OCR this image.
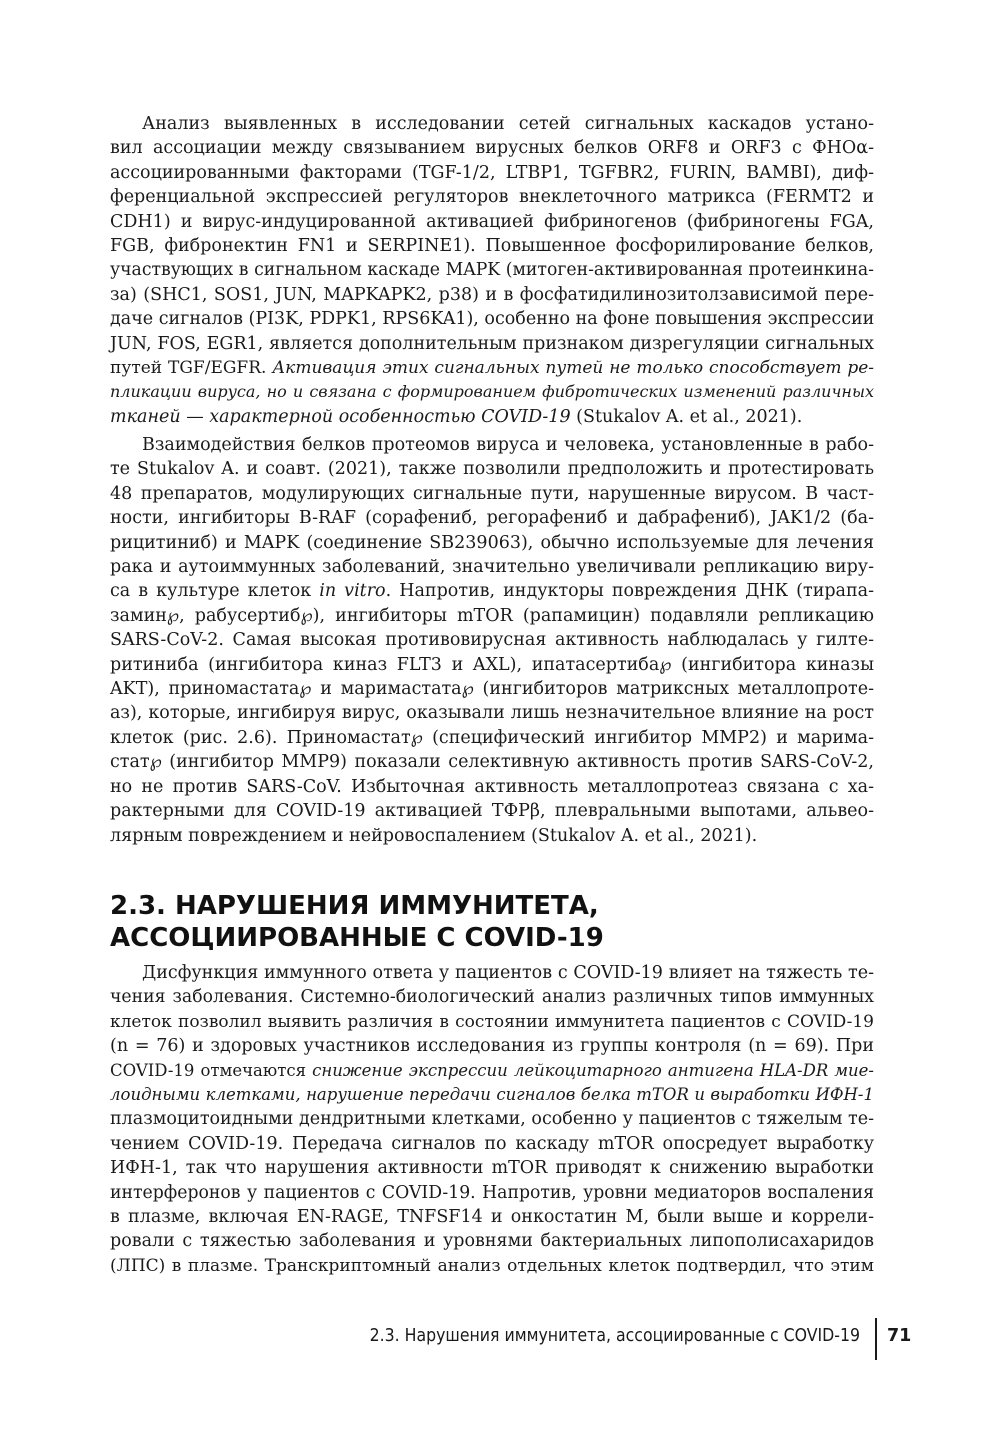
Анализ выявленных в исследовании сетей сигнальных каскадов устано-
вил ассоциации между связыванием вирусных белков ORF8 и ORF3 с ФНОα-
ассоциированными факторами (TGF-1/2, LTBP1, TGFBR2, FURIN, BAMBI), диф-
ференциальной экспрессией регуляторов внеклеточного матрикса (FERMT2 и
CDH1) и вирус-индуцированной активацией фибриногенов (фибриногены FGA,
FGB, фибронектин FN1 и SERPINE1). Повышенное фосфорилирование белков,
участвующих в сигнальном каскаде MAPK (митоген-активированная протеинкина-
за) (SHC1, SOS1, JUN, MAPKAPK2, p38) и в фосфатидилинозитолзависимой пере-
даче сигналов (PI3K, PDPK1, RPS6KA1), особенно на фоне повышения экспрессии
JUN, FOS, EGR1, является дополнительным признаком дизрегуляции сигнальных
путей TGF/EGFR. Активация этих сигнальных путей не только способствует ре-
пликации вируса, но и связана с формированием фибротических изменений различных
тканей — характерной особенностью COVID-19 (Stukalov A. et al., 2021).

Взаимодействия белков протеомов вируса и человека, установленные в рабо-
те Stukalov A. и соавт. (2021), также позволили предположить и протестировать
48 препаратов, модулирующих сигнальные пути, нарушенные вирусом. В част-
ности, ингибиторы B-RAF (сорафениб, регорафениб и дабрафениб), JAK1/2 (ба-
рицитиниб) и MAPK (соединение SB239063), обычно используемые для лечения
рака и аутоиммунных заболеваний, значительно увеличивали репликацию виру-
са в культуре клеток in vitro. Напротив, индукторы повреждения ДНК (тирапа-
замин℘, рабусертиб℘), ингибиторы mTOR (рапамицин) подавляли репликацию
SARS-CoV-2. Самая высокая противовирусная активность наблюдалась у гилте-
ритиниба (ингибитора киназ FLT3 и AXL), ипатасертиба℘ (ингибитора киназы
AKT), приномастата℘ и маримастата℘ (ингибиторов матриксных металлопроте-
аз), которые, ингибируя вирус, оказывали лишь незначительное влияние на рост
клеток (рис. 2.6). Приномастат℘ (специфический ингибитор MMP2) и марима-
стат℘ (ингибитор MMP9) показали селективную активность против SARS-CoV-2,
но не против SARS-CoV. Избыточная активность металлопротеаз связана с ха-
рактерными для COVID-19 активацией ТФРβ, плевральными выпотами, альвео-
лярным повреждением и нейровоспалением (Stukalov A. et al., 2021).

2.3. НАРУШЕНИЯ ИММУНИТЕТА,
АССОЦИИРОВАННЫЕ С COVID-19

Дисфункция иммунного ответа у пациентов с COVID-19 влияет на тяжесть те-
чения заболевания. Системно-биологический анализ различных типов иммунных
клеток позволил выявить различия в состоянии иммунитета пациентов с COVID-19
(n = 76) и здоровых участников исследования из группы контроля (n = 69). При
COVID-19 отмечаются снижение экспрессии лейкоцитарного антигена HLA-DR мие-
лоидными клетками, нарушение передачи сигналов белка mTOR и выработки ИФН-1
плазмоцитоидными дендритными клетками, особенно у пациентов с тяжелым те-
чением COVID-19. Передача сигналов по каскаду mTOR опосредует выработку
ИФН-1, так что нарушения активности mTOR приводят к снижению выработки
интерферонов у пациентов с COVID-19. Напротив, уровни медиаторов воспаления
в плазме, включая EN-RAGE, TNFSF14 и онкостатин M, были выше и коррели-
ровали с тяжестью заболевания и уровнями бактериальных липополисахаридов
(ЛПС) в плазме. Транскриптомный анализ отдельных клеток подтвердил, что этим

2.3. Нарушения иммунитета, ассоциированные с COVID-19 71
